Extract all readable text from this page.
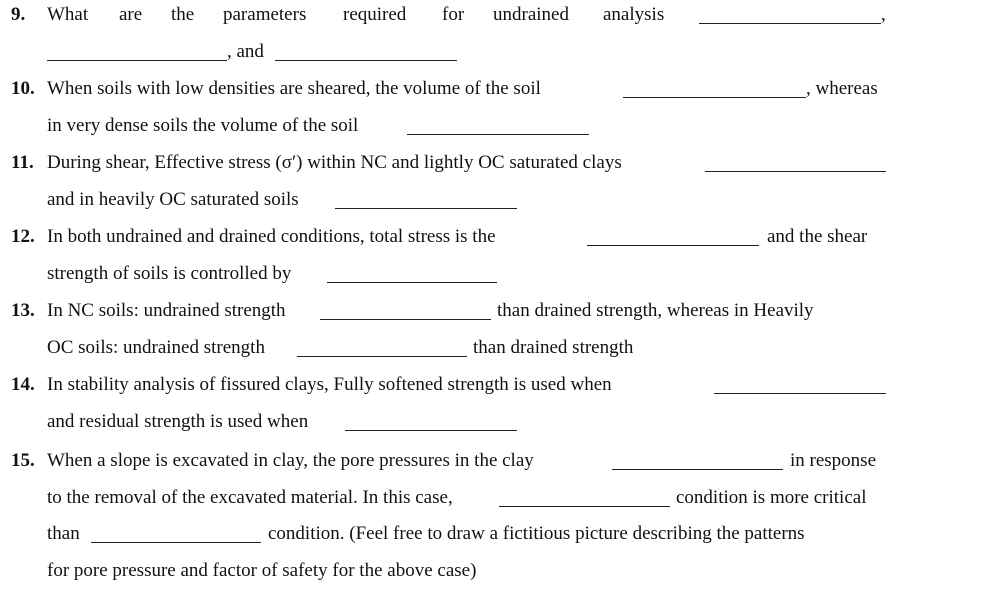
9. What are the parameters required for undrained analysis	,
, and
10. When soils with low densities are sheared, the volume of the soil	, whereas
in very dense soils the volume of the soil
11. During shear, Effective stress (σ′) within NC and lightly OC saturated clays
and in heavily OC saturated soils
12. In both undrained and drained conditions, total stress is the	and the shear
strength of soils is controlled by
13. In NC soils: undrained strength	than drained strength, whereas in Heavily
OC soils: undrained strength	than drained strength
14. In stability analysis of fissured clays, Fully softened strength is used when
and residual strength is used when
15. When a slope is excavated in clay, the pore pressures in the clay	in response
to the removal of the excavated material. In this case,	condition is more critical
than	condition. (Feel free to draw a fictitious picture describing the patterns
for pore pressure and factor of safety for the above case)
